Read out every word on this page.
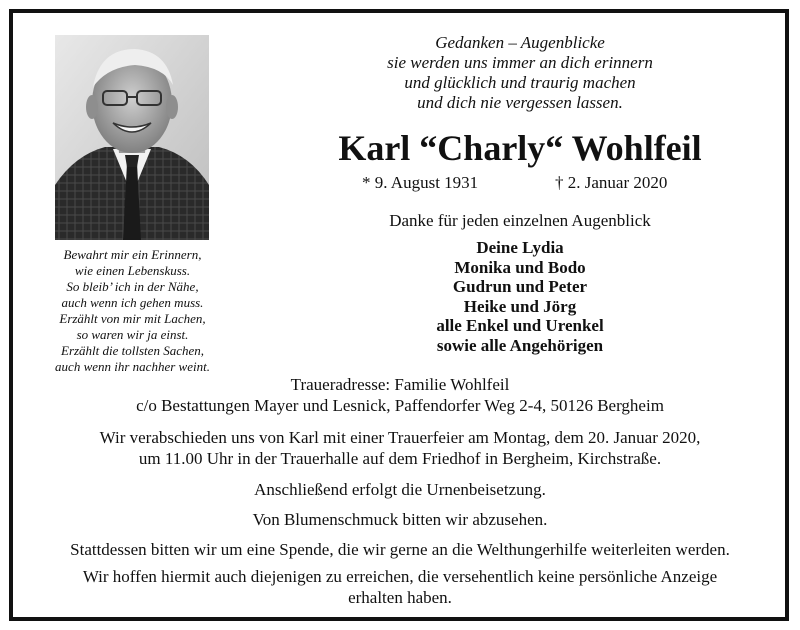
Bewahrt mir ein Erinnern,
wie einen Lebenskuss.
So bleib’ ich in der Nähe,
auch wenn ich gehen muss.
Erzählt von mir mit Lachen,
so waren wir ja einst.
Erzählt die tollsten Sachen,
auch wenn ihr nachher weint.
Gedanken – Augenblicke
sie werden uns immer an dich erinnern
und glücklich und traurig machen
und dich nie vergessen lassen.
Karl “Charly“ Wohlfeil
* 9. August 1931	† 2. Januar 2020
Danke für jeden einzelnen Augenblick
Deine Lydia
Monika und Bodo
Gudrun und Peter
Heike und Jörg
alle Enkel und Urenkel
sowie alle Angehörigen
Traueradresse: Familie Wohlfeil
c/o Bestattungen Mayer und Lesnick, Paffendorfer Weg 2-4, 50126 Bergheim
Wir verabschieden uns von Karl mit einer Trauerfeier am Montag, dem 20. Januar 2020,
um 11.00 Uhr in der Trauerhalle auf dem Friedhof in Bergheim, Kirchstraße.
Anschließend erfolgt die Urnenbeisetzung.
Von Blumenschmuck bitten wir abzusehen.
Stattdessen bitten wir um eine Spende, die wir gerne an die Welthungerhilfe weiterleiten werden.
Wir hoffen hiermit auch diejenigen zu erreichen, die versehentlich keine persönliche Anzeige
erhalten haben.
